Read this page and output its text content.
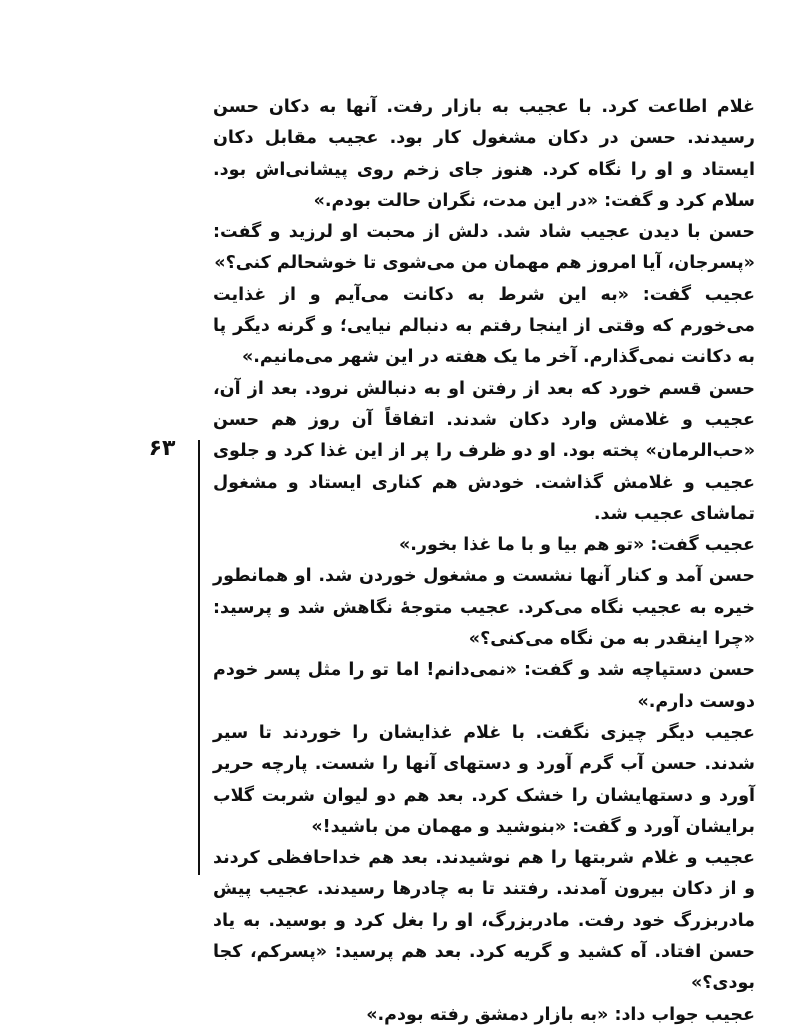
غلام اطاعت کرد. با عجیب به بازار رفت. آنها به دکان حسن رسیدند. حسن در دکان مشغول کار بود. عجیب مقابل دکان ایستاد و او را نگاه کرد. هنوز جای زخم روی پیشانی‌اش بود. سلام کرد و گفت: «در این مدت، نگران حالت بودم.»

حسن با دیدن عجیب شاد شد. دلش از محبت او لرزید و گفت: «پسرجان، آیا امروز هم مهمان من می‌شوی تا خوشحالم کنی؟»

عجیب گفت: «به این شرط به دکانت می‌آیم و از غذایت می‌خورم که وقتی از اینجا رفتم به دنبالم نیایی؛ و گرنه دیگر پا به دکانت نمی‌گذارم. آخر ما یک هفته در این شهر می‌مانیم.»

حسن قسم خورد که بعد از رفتن او به دنبالش نرود. بعد از آن، عجیب و غلامش وارد دکان شدند. اتفاقاً آن روز هم حسن «حب‌الرمان» پخته بود. او دو ظرف را پر از این غذا کرد و جلوی عجیب و غلامش گذاشت. خودش هم کناری ایستاد و مشغول تماشای عجیب شد.

عجیب گفت: «تو هم بیا و با ما غذا بخور.»

حسن آمد و کنار آنها نشست و مشغول خوردن شد. او همانطور خیره به عجیب نگاه می‌کرد. عجیب متوجهٔ نگاهش شد و پرسید: «چرا اینقدر به من نگاه می‌کنی؟»

حسن دستپاچه شد و گفت: «نمی‌دانم! اما تو را مثل پسر خودم دوست دارم.»

عجیب دیگر چیزی نگفت. با غلام غذایشان را خوردند تا سیر شدند. حسن آب گرم آورد و دستهای آنها را شست. پارچه حریر آورد و دستهایشان را خشک کرد. بعد هم دو لیوان شربت گلاب برایشان آورد و گفت: «بنوشید و مهمان من باشید!»

عجیب و غلام شربتها را هم نوشیدند. بعد هم خداحافظی کردند و از دکان بیرون آمدند. رفتند تا به چادرها رسیدند. عجیب پیش مادربزرگ خود رفت. مادربزرگ، او را بغل کرد و بوسید. به یاد حسن افتاد. آه کشید و گریه کرد. بعد هم پرسید: «پسرکم، کجا بودی؟»

عجیب جواب داد: «به بازار دمشق رفته بودم.»

۶۳
